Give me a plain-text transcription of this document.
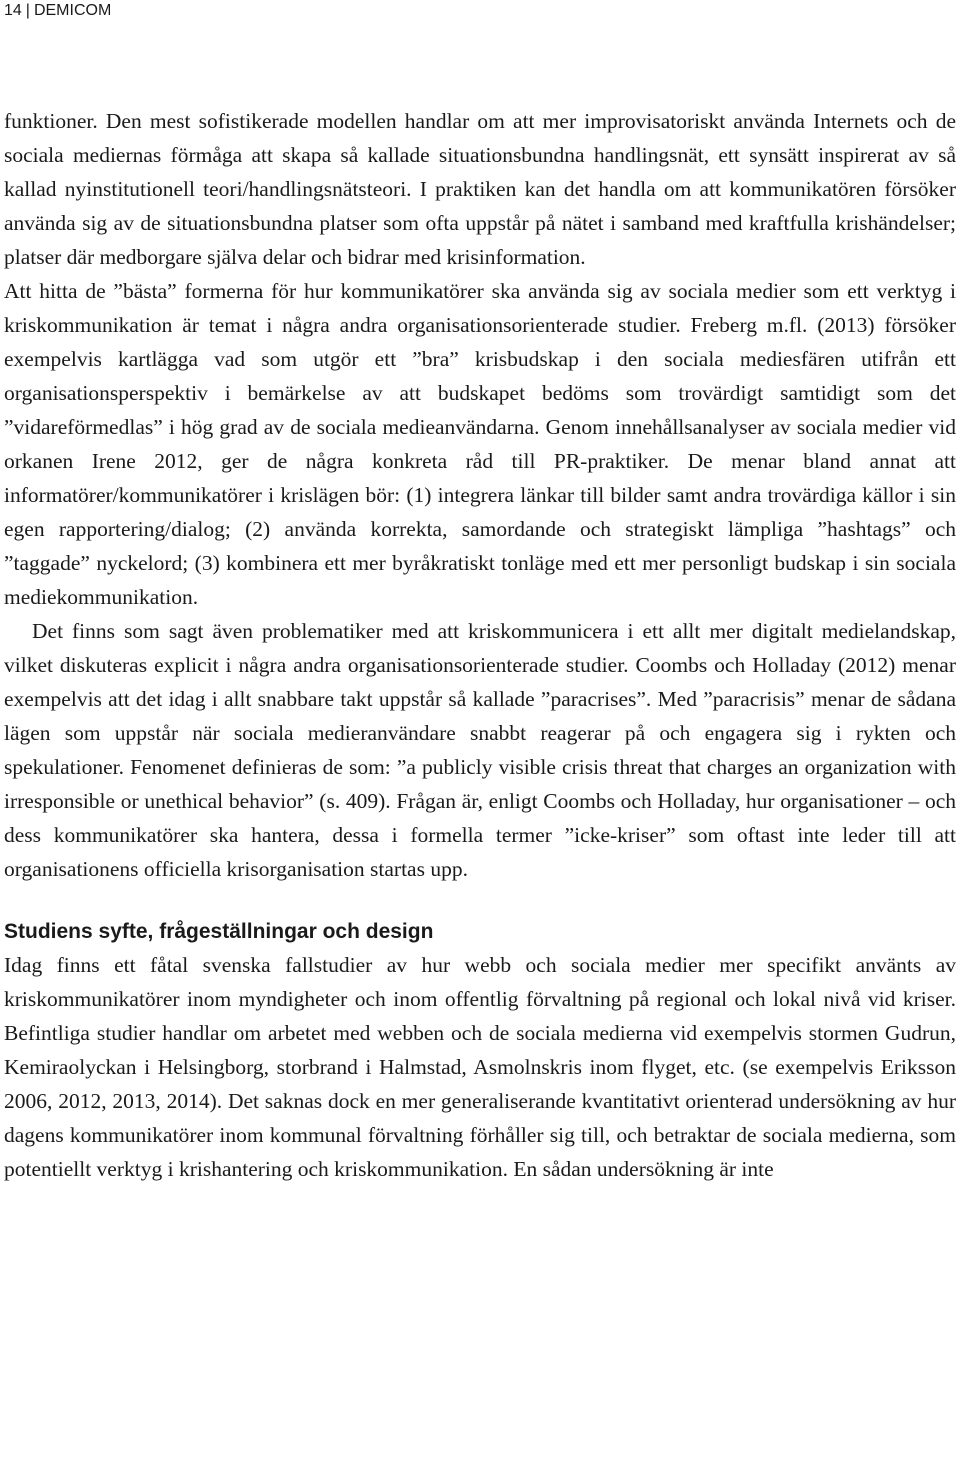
14 | DEMICOM

funktioner. Den mest sofistikerade modellen handlar om att mer improvisatoriskt använda Internets och de sociala mediernas förmåga att skapa så kallade situationsbundna handlingsnät, ett synsätt inspirerat av så kallad nyinstitutionell teori/handlingsnätsteori. I praktiken kan det handla om att kommunikatören försöker använda sig av de situationsbundna platser som ofta uppstår på nätet i samband med kraftfulla krishändelser; platser där medborgare själva delar och bidrar med krisinformation.

Att hitta de ”bästa” formerna för hur kommunikatörer ska använda sig av sociala medier som ett verktyg i kriskommunikation är temat i några andra organisationsorienterade studier. Freberg m.fl. (2013) försöker exempelvis kartlägga vad som utgör ett ”bra” krisbudskap i den sociala mediesfären utifrån ett organisationsperspektiv i bemärkelse av att budskapet bedöms som trovärdigt samtidigt som det ”vidareförmedlas” i hög grad av de sociala medieanvändarna. Genom innehållsanalyser av sociala medier vid orkanen Irene 2012, ger de några konkreta råd till PR-praktiker. De menar bland annat att informatörer/kommunikatörer i krislägen bör: (1) integrera länkar till bilder samt andra trovärdiga källor i sin egen rapportering/dialog; (2) använda korrekta, samordande och strategiskt lämpliga ”hashtags” och ”taggade” nyckelord; (3) kombinera ett mer byråkratiskt tonläge med ett mer personligt budskap i sin sociala mediekommunikation.

Det finns som sagt även problematiker med att kriskommunicera i ett allt mer digitalt medielandskap, vilket diskuteras explicit i några andra organisationsorienterade studier. Coombs och Holladay (2012) menar exempelvis att det idag i allt snabbare takt uppstår så kallade ”paracrises”. Med ”paracrisis” menar de sådana lägen som uppstår när sociala medieranvändare snabbt reagerar på och engagera sig i rykten och spekulationer. Fenomenet definieras de som: ”a publicly visible crisis threat that charges an organization with irresponsible or unethical behavior” (s. 409). Frågan är, enligt Coombs och Holladay, hur organisationer – och dess kommunikatörer ska hantera, dessa i formella termer ”icke-kriser” som oftast inte leder till att organisationens officiella krisorganisation startas upp.

Studiens syfte, frågeställningar och design

Idag finns ett fåtal svenska fallstudier av hur webb och sociala medier mer specifikt använts av kriskommunikatörer inom myndigheter och inom offentlig förvaltning på regional och lokal nivå vid kriser. Befintliga studier handlar om arbetet med webben och de sociala medierna vid exempelvis stormen Gudrun, Kemiraolyckan i Helsingborg, storbrand i Halmstad, Asmolnskris inom flyget, etc. (se exempelvis Eriksson 2006, 2012, 2013, 2014). Det saknas dock en mer generaliserande kvantitativt orienterad undersökning av hur dagens kommunikatörer inom kommunal förvaltning förhåller sig till, och betraktar de sociala medierna, som potentiellt verktyg i krishantering och kriskommunikation. En sådan undersökning är inte
